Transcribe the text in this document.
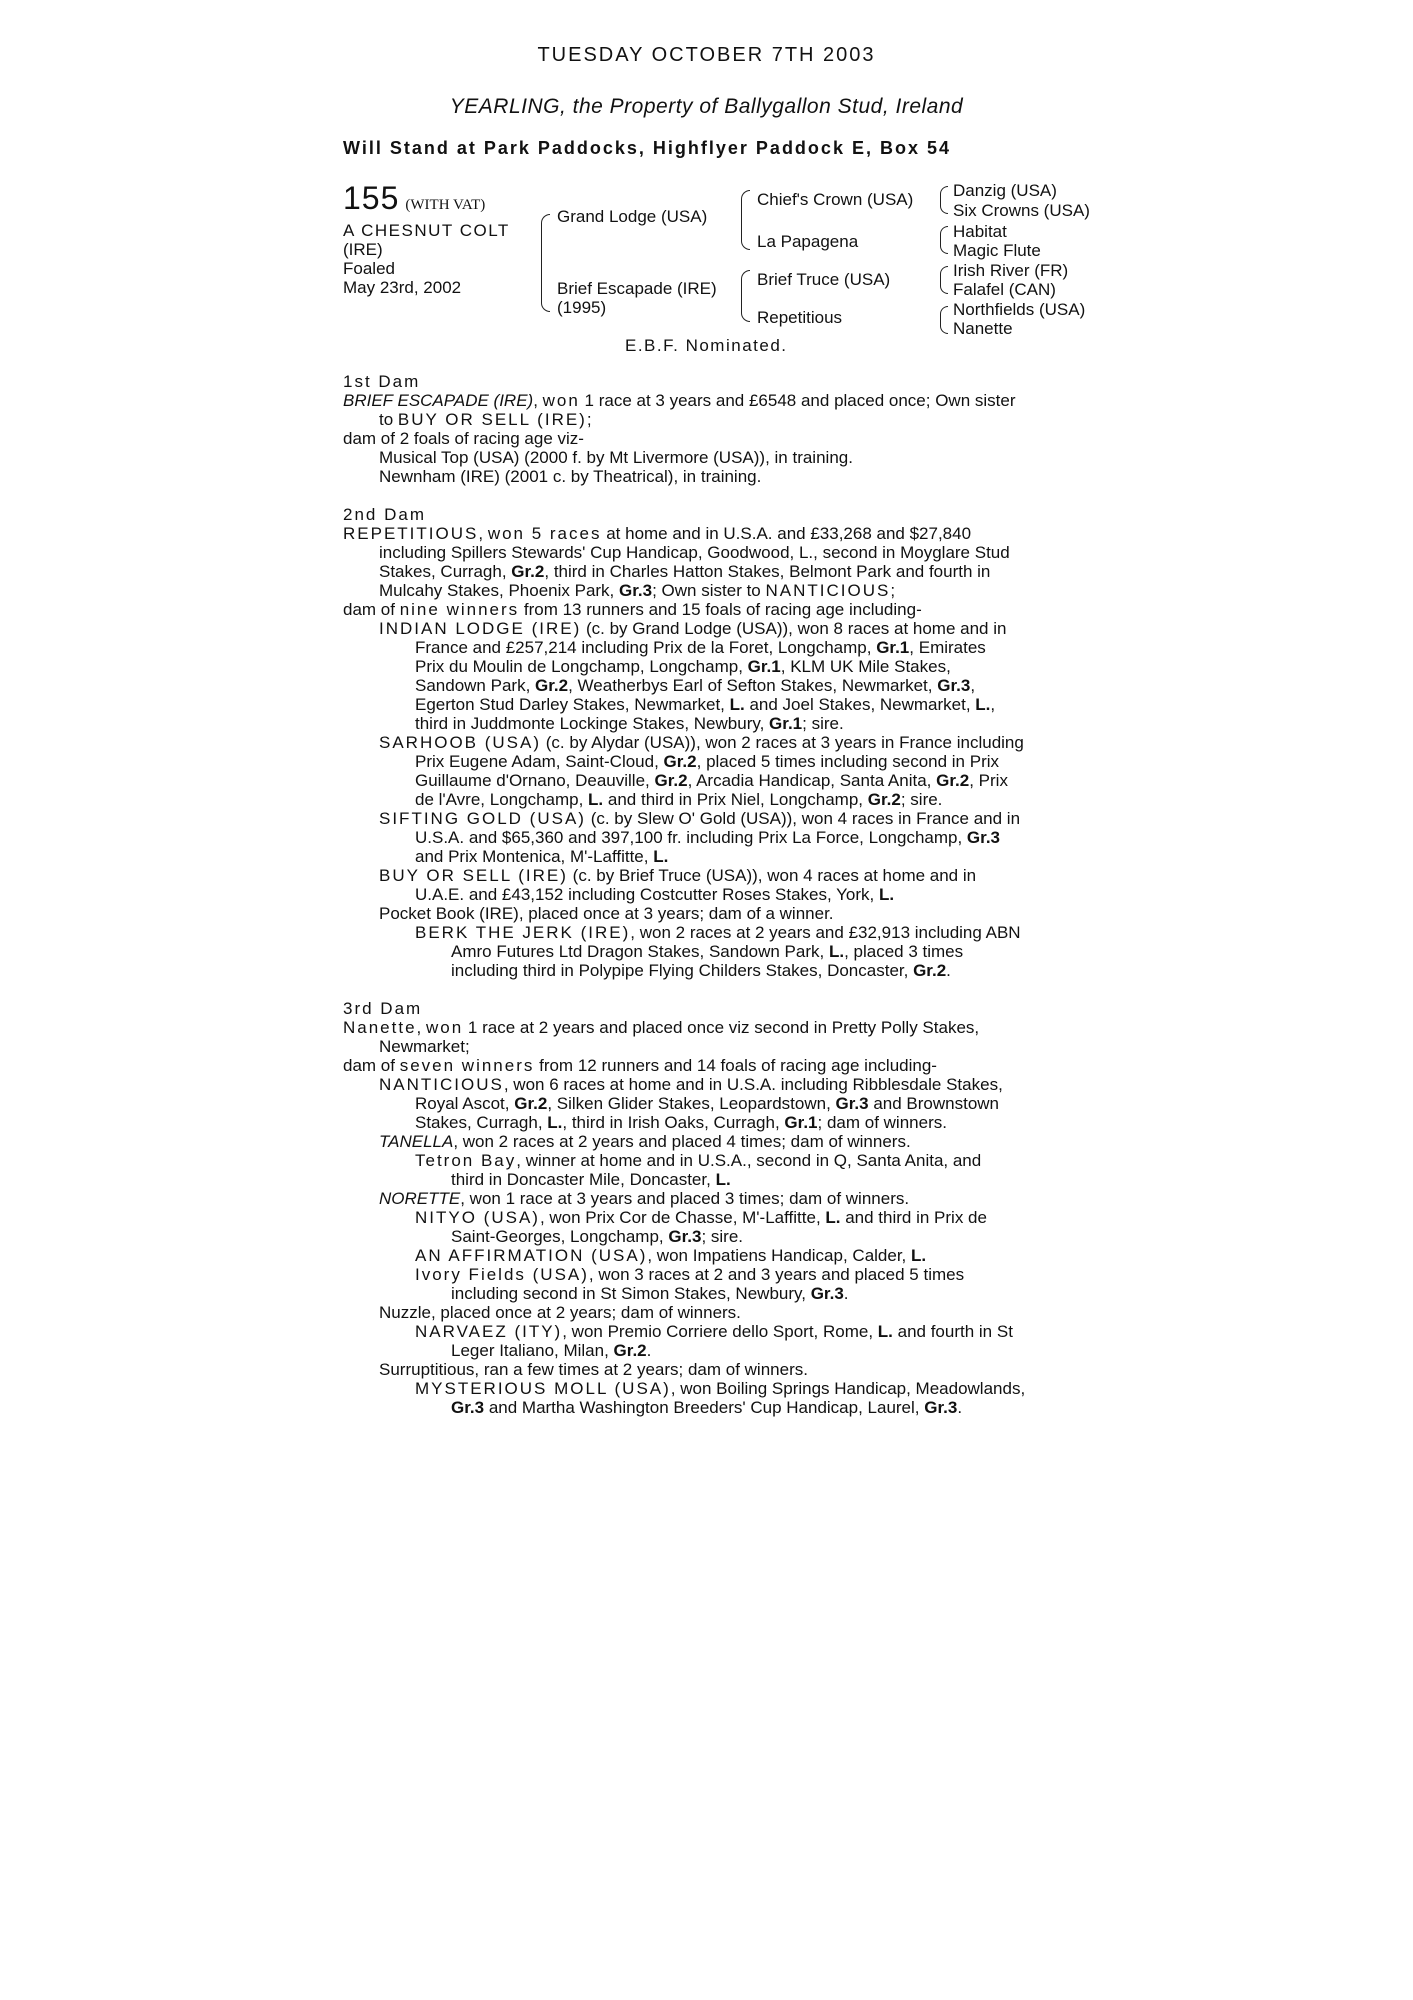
TUESDAY OCTOBER 7TH 2003
YEARLING, the Property of Ballygallon Stud, Ireland
Will Stand at Park Paddocks, Highflyer Paddock E, Box 54
155 (WITH VAT)
A CHESNUT COLT
(IRE)
Foaled
May 23rd, 2002
Grand Lodge (USA)
Brief Escapade (IRE)
(1995)
Chief's Crown (USA)
La Papagena
Brief Truce (USA)
Repetitious
Danzig (USA)
Six Crowns (USA)
Habitat
Magic Flute
Irish River (FR)
Falafel (CAN)
Northfields (USA)
Nanette
E.B.F. Nominated.
1st Dam
BRIEF ESCAPADE (IRE), won 1 race at 3 years and £6548 and placed once; Own sister
to BUY OR SELL (IRE);
dam of 2 foals of racing age viz-
Musical Top (USA) (2000 f. by Mt Livermore (USA)), in training.
Newnham (IRE) (2001 c. by Theatrical), in training.
2nd Dam
REPETITIOUS, won 5 races at home and in U.S.A. and £33,268 and $27,840
including Spillers Stewards' Cup Handicap, Goodwood, L., second in Moyglare Stud
Stakes, Curragh, Gr.2, third in Charles Hatton Stakes, Belmont Park and fourth in
Mulcahy Stakes, Phoenix Park, Gr.3; Own sister to NANTICIOUS;
dam of nine winners from 13 runners and 15 foals of racing age including-
INDIAN LODGE (IRE) (c. by Grand Lodge (USA)), won 8 races at home and in
France and £257,214 including Prix de la Foret, Longchamp, Gr.1, Emirates
Prix du Moulin de Longchamp, Longchamp, Gr.1, KLM UK Mile Stakes,
Sandown Park, Gr.2, Weatherbys Earl of Sefton Stakes, Newmarket, Gr.3,
Egerton Stud Darley Stakes, Newmarket, L. and Joel Stakes, Newmarket, L.,
third in Juddmonte Lockinge Stakes, Newbury, Gr.1; sire.
SARHOOB (USA) (c. by Alydar (USA)), won 2 races at 3 years in France including
Prix Eugene Adam, Saint-Cloud, Gr.2, placed 5 times including second in Prix
Guillaume d'Ornano, Deauville, Gr.2, Arcadia Handicap, Santa Anita, Gr.2, Prix
de l'Avre, Longchamp, L. and third in Prix Niel, Longchamp, Gr.2; sire.
SIFTING GOLD (USA) (c. by Slew O' Gold (USA)), won 4 races in France and in
U.S.A. and $65,360 and 397,100 fr. including Prix La Force, Longchamp, Gr.3
and Prix Montenica, M'-Laffitte, L.
BUY OR SELL (IRE) (c. by Brief Truce (USA)), won 4 races at home and in
U.A.E. and £43,152 including Costcutter Roses Stakes, York, L.
Pocket Book (IRE), placed once at 3 years; dam of a winner.
BERK THE JERK (IRE), won 2 races at 2 years and £32,913 including ABN
Amro Futures Ltd Dragon Stakes, Sandown Park, L., placed 3 times
including third in Polypipe Flying Childers Stakes, Doncaster, Gr.2.
3rd Dam
Nanette, won 1 race at 2 years and placed once viz second in Pretty Polly Stakes,
Newmarket;
dam of seven winners from 12 runners and 14 foals of racing age including-
NANTICIOUS, won 6 races at home and in U.S.A. including Ribblesdale Stakes,
Royal Ascot, Gr.2, Silken Glider Stakes, Leopardstown, Gr.3 and Brownstown
Stakes, Curragh, L., third in Irish Oaks, Curragh, Gr.1; dam of winners.
TANELLA, won 2 races at 2 years and placed 4 times; dam of winners.
Tetron Bay, winner at home and in U.S.A., second in Q, Santa Anita, and
third in Doncaster Mile, Doncaster, L.
NORETTE, won 1 race at 3 years and placed 3 times; dam of winners.
NITYO (USA), won Prix Cor de Chasse, M'-Laffitte, L. and third in Prix de
Saint-Georges, Longchamp, Gr.3; sire.
AN AFFIRMATION (USA), won Impatiens Handicap, Calder, L.
Ivory Fields (USA), won 3 races at 2 and 3 years and placed 5 times
including second in St Simon Stakes, Newbury, Gr.3.
Nuzzle, placed once at 2 years; dam of winners.
NARVAEZ (ITY), won Premio Corriere dello Sport, Rome, L. and fourth in St
Leger Italiano, Milan, Gr.2.
Surruptitious, ran a few times at 2 years; dam of winners.
MYSTERIOUS MOLL (USA), won Boiling Springs Handicap, Meadowlands,
Gr.3 and Martha Washington Breeders' Cup Handicap, Laurel, Gr.3.
